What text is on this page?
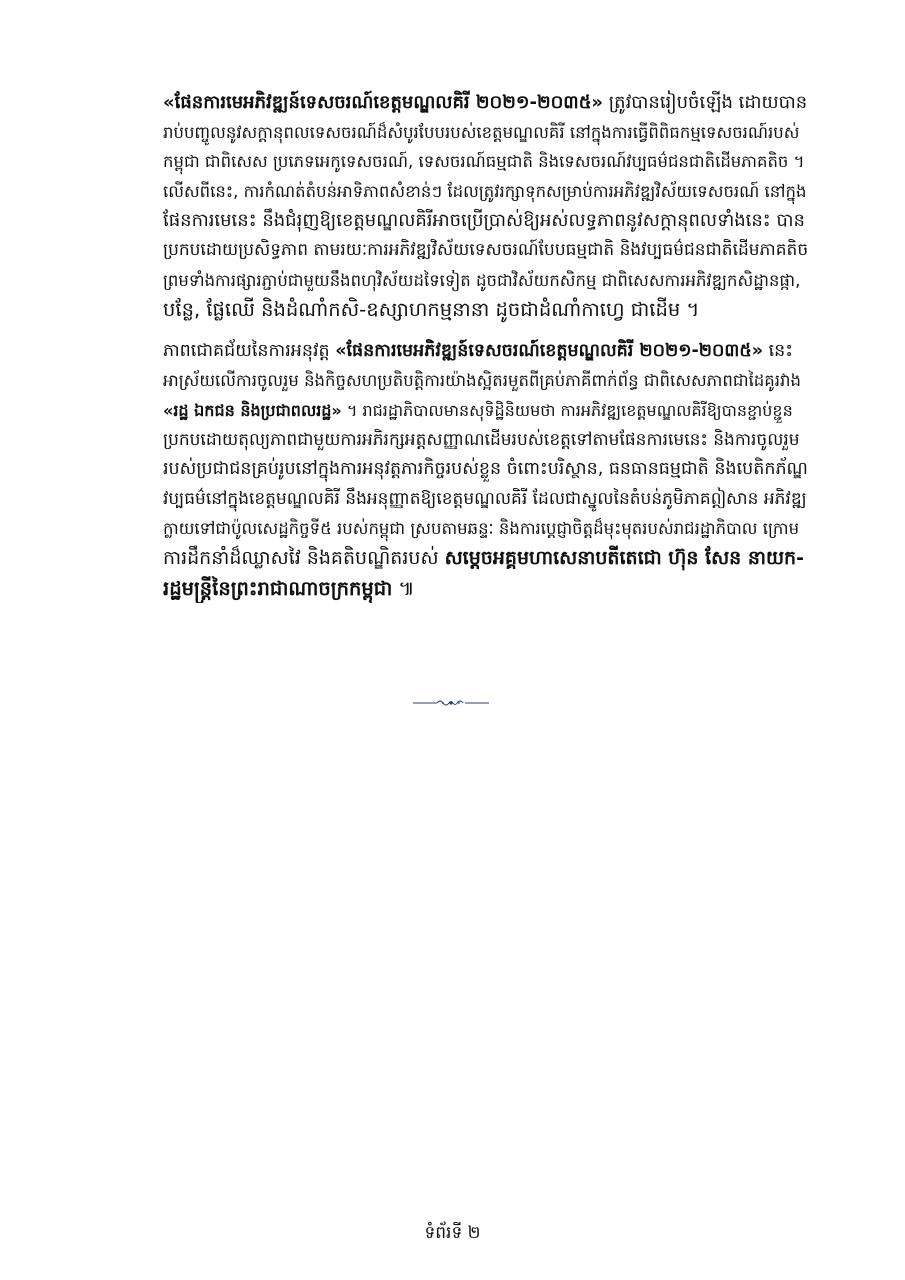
«ផែនការមេអភិវឌ្ឍន៍ទេសចរណ៍ខេត្តមណ្ឌលគិរី ២០២១-២០៣៥» ត្រូវបានរៀបចំឡើង ដោយបាន
រាប់បញ្ចូលនូវសក្តានុពលទេសចរណ៍ដ៏សំបូរបែបរបស់ខេត្តមណ្ឌលគិរី នៅក្នុងការធ្វើពិពិធកម្មទេសចរណ៍របស់
កម្ពុជា ជាពិសេស ប្រភេទអេកូទេសចរណ៍, ទេសចរណ៍ធម្មជាតិ និងទេសចរណ៍វប្បធម៌ជនជាតិដើមភាគតិច ។
លើសពីនេះ, ការកំណត់តំបន់អាទិភាពសំខាន់ៗ ដែលត្រូវរក្សាទុកសម្រាប់ការអភិវឌ្ឍវិស័យទេសចរណ៍ នៅក្នុង
ផែនការមេនេះ នឹងជំរុញឱ្យខេត្តមណ្ឌលគិរីអាចប្រើប្រាស់ឱ្យអស់លទ្ធភាពនូវសក្តានុពលទាំងនេះ បាន
ប្រកបដោយប្រសិទ្ធភាព តាមរយៈការអភិវឌ្ឍវិស័យទេសចរណ៍បែបធម្មជាតិ និងវប្បធម៌ជនជាតិដើមភាគតិច
ព្រមទាំងការផ្សារភ្ជាប់ជាមួយនឹងពហុវិស័យដទៃទៀត ដូចជាវិស័យកសិកម្ម ជាពិសេសការអភិវឌ្ឍកសិដ្ឋានផ្កា,
បន្លែ, ផ្លែឈើ និងដំណាំកសិ-ឧស្សាហកម្មនានា ដូចជាដំណាំកាហ្វេ ជាដើម ។
ភាពជោគជ័យនៃការអនុវត្ត «ផែនការមេអភិវឌ្ឍន៍ទេសចរណ៍ខេត្តមណ្ឌលគិរី ២០២១-២០៣៥» នេះ
អាស្រ័យលើការចូលរួម និងកិច្ចសហប្រតិបត្តិការយ៉ាងស្អិតរមួតពីគ្រប់ភាគីពាក់ព័ន្ធ ជាពិសេសភាពជាដៃគូរវាង
«រដ្ឋ ឯកជន និងប្រជាពលរដ្ឋ» ។ រាជរដ្ឋាភិបាលមានសុទិដ្ឋិនិយមថា ការអភិវឌ្ឍខេត្តមណ្ឌលគិរីឱ្យបានខ្ជាប់ខ្ជួន
ប្រកបដោយតុល្យភាពជាមួយការអភិរក្សអត្តសញ្ញាណដើមរបស់ខេត្តទៅតាមផែនការមេនេះ និងការចូលរួម
របស់ប្រជាជនគ្រប់រូបនៅក្នុងការអនុវត្តភារកិច្ចរបស់ខ្លួន ចំពោះបរិស្ថាន, ធនធានធម្មជាតិ និងបេតិកភ័ណ្ឌ
វប្បធម៌នៅក្នុងខេត្តមណ្ឌលគិរី នឹងអនុញ្ញាតឱ្យខេត្តមណ្ឌលគិរី ដែលជាស្នូលនៃតំបន់ភូមិភាគឦសាន អភិវឌ្ឍ
ក្លាយទៅជាប៉ូលសេដ្ឋកិច្ចទី៥ របស់កម្ពុជា ស្របតាមឆន្ទៈ និងការប្តេជ្ញាចិត្តដ៏មុះមុតរបស់រាជរដ្ឋាភិបាល ក្រោម
ការដឹកនាំដ៏ឈ្លាសវៃ និងគតិបណ្ឌិតរបស់ សម្តេចអគ្គមហាសេនាបតីតេជោ ហ៊ុន សែន នាយក-
រដ្ឋមន្ត្រីនៃព្រះរាជាណាចក្រកម្ពុជា ៕
ទំព័រទី ២
